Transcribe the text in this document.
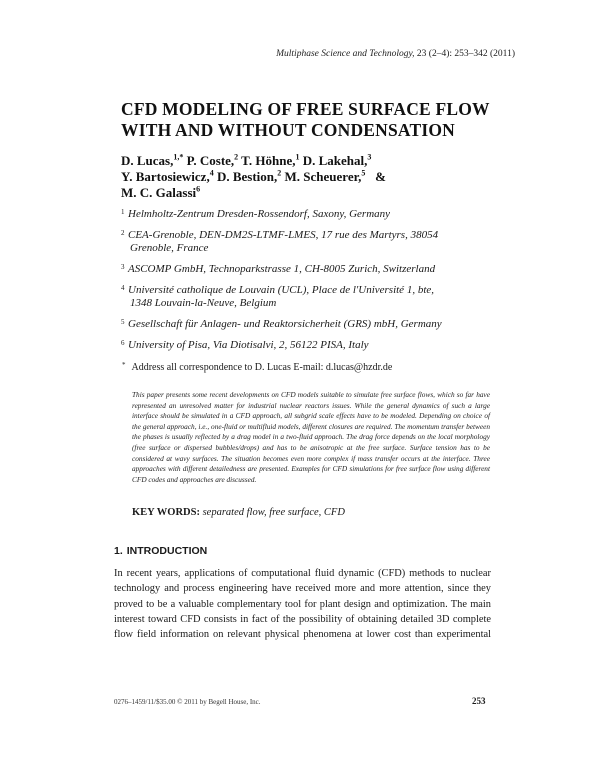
Multiphase Science and Technology, 23 (2–4): 253–342 (2011)
CFD MODELING OF FREE SURFACE FLOW
WITH AND WITHOUT CONDENSATION
D. Lucas,$^{1,*}$ P. Coste,$^2$ T. Höhne,$^1$ D. Lakehal,$^3$
Y. Bartosiewicz,$^4$ D. Bestion,$^2$ M. Scheuerer,$^5$ &
M. C. Galassi$^6$
1 Helmholtz-Zentrum Dresden-Rossendorf, Saxony, Germany
2 CEA-Grenoble, DEN-DM2S-LTMF-LMES, 17 rue des Martyrs, 38054
Grenoble, France
3 ASCOMP GmbH, Technoparkstrasse 1, CH-8005 Zurich, Switzerland
4 Université catholique de Louvain (UCL), Place de l'Université 1, bte,
1348 Louvain-la-Neuve, Belgium
5 Gesellschaft für Anlagen- und Reaktorsicherheit (GRS) mbH, Germany
6 University of Pisa, Via Diotisalvi, 2, 56122 PISA, Italy
* Address all correspondence to D. Lucas E-mail: d.lucas@hzdr.de

This paper presents some recent developments on CFD models suitable to simulate free surface flows, which so far have represented an unresolved matter for industrial nuclear reactors issues. While the general dynamics of such a large interface should be simulated in a CFD approach, all subgrid scale effects have to be modeled. Depending on choice of the general approach, i.e., one-fluid or multifluid models, different closures are required. The momentum transfer between the phases is usually reflected by a drag model in a two-fluid approach. The drag force depends on the local morphology (free surface or dispersed bubbles/drops) and has to be anisotropic at the free surface. Surface tension has to be considered at wavy surfaces. The situation becomes even more complex if mass transfer occurs at the interface. Three approaches with different detailedness are presented. Examples for CFD simulations for free surface flow using different CFD codes and approaches are discussed.

KEY WORDS: separated flow, free surface, CFD
1. INTRODUCTION
In recent years, applications of computational fluid dynamic (CFD) methods to nuclear
technology and process engineering have received more and more attention, since they
proved to be a valuable complementary tool for plant design and optimization. The main
interest toward CFD consists in fact of the possibility of obtaining detailed 3D complete
flow field information on relevant physical phenomena at lower cost than experimental
0276–1459/11/$35.00 © 2011 by Begell House, Inc.	253
